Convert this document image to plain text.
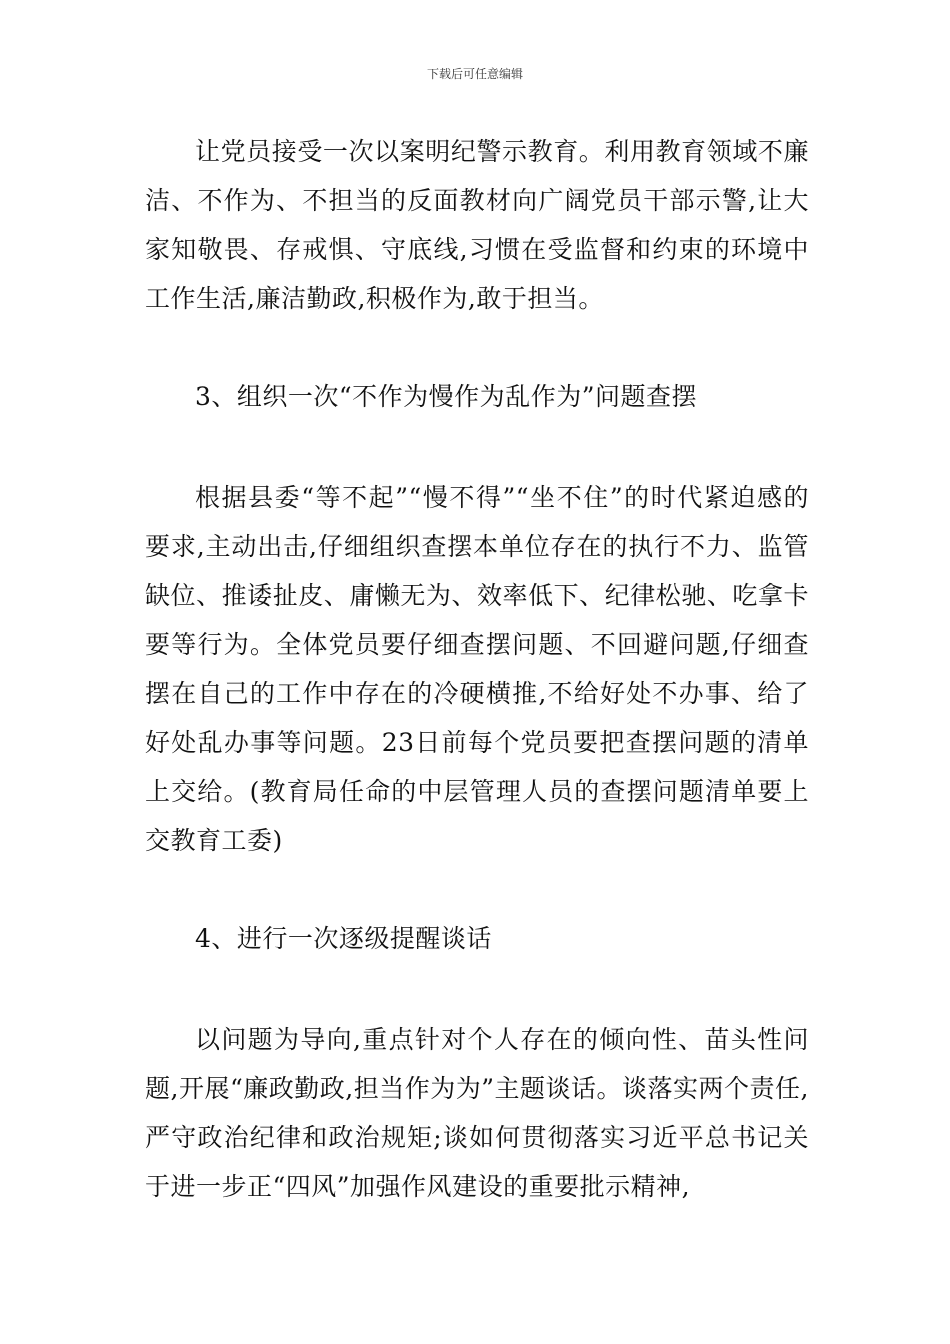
下载后可任意编辑

让党员接受一次以案明纪警示教育。利用教育领域不廉洁、不作为、不担当的反面教材向广阔党员干部示警,让大家知敬畏、存戒惧、守底线,习惯在受监督和约束的环境中工作生活,廉洁勤政,积极作为,敢于担当。

3、组织一次“不作为慢作为乱作为”问题查摆

根据县委“等不起”“慢不得”“坐不住”的时代紧迫感的要求,主动出击,仔细组织查摆本单位存在的执行不力、监管缺位、推诿扯皮、庸懒无为、效率低下、纪律松驰、吃拿卡要等行为。全体党员要仔细查摆问题、不回避问题,仔细查摆在自己的工作中存在的冷硬横推,不给好处不办事、给了好处乱办事等问题。23日前每个党员要把查摆问题的清单上交给。(教育局任命的中层管理人员的查摆问题清单要上交教育工委)

4、进行一次逐级提醒谈话

以问题为导向,重点针对个人存在的倾向性、苗头性问题,开展“廉政勤政,担当作为为”主题谈话。谈落实两个责任,严守政治纪律和政治规矩;谈如何贯彻落实习近平总书记关于进一步正“四风”加强作风建设的重要批示精神,
